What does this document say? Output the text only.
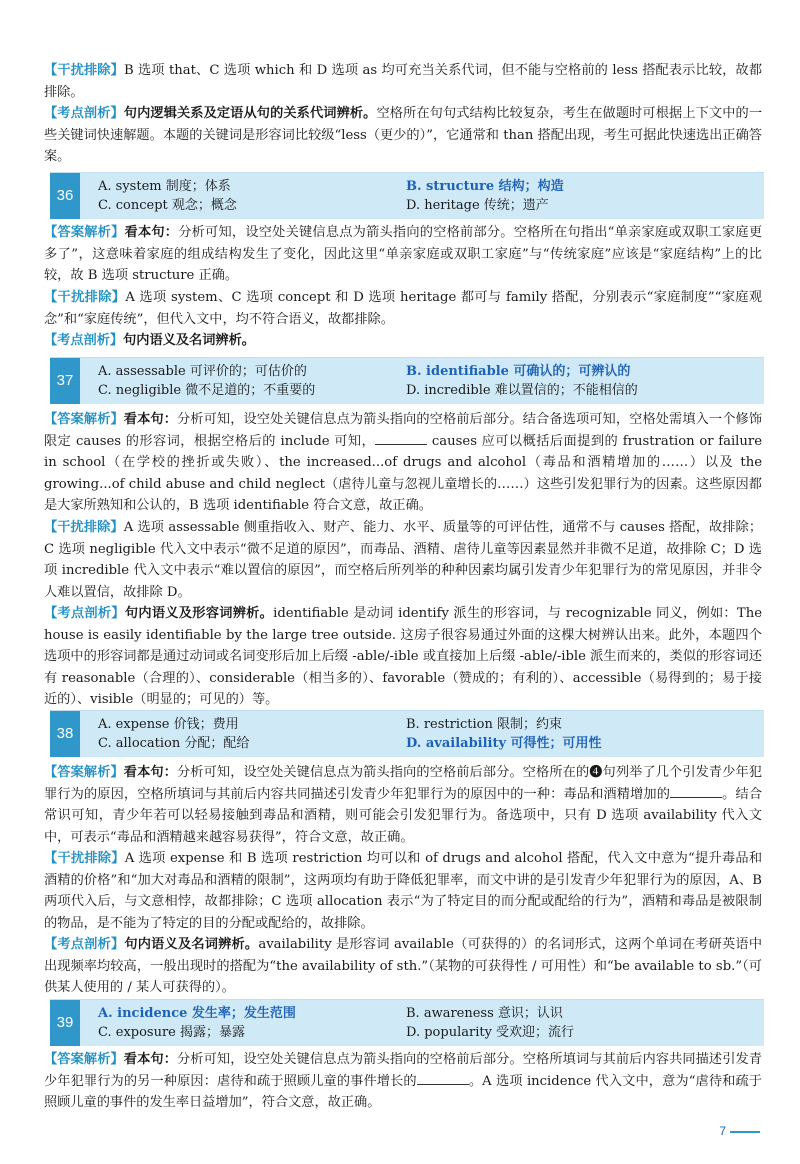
【干扰排除】B 选项 that、C 选项 which 和 D 选项 as 均可充当关系代词，但不能与空格前的 less 搭配表示比较，故都排除。
【考点剖析】句内逻辑关系及定语从句的关系代词辨析。空格所在句句式结构比较复杂，考生在做题时可根据上下文中的一些关键词快速解题。本题的关键词是形容词比较级“less（更少的）”，它通常和 than 搭配出现，考生可据此快速选出正确答案。
36
A. system 制度；体系	B. structure 结构；构造
C. concept 观念；概念	D. heritage 传统；遗产
【答案解析】看本句：分析可知，设空处关键信息点为箭头指向的空格前部分。空格所在句指出“单亲家庭或双职工家庭更多了”，这意味着家庭的组成结构发生了变化，因此这里“单亲家庭或双职工家庭”与“传统家庭”应该是“家庭结构”上的比较，故 B 选项 structure 正确。
【干扰排除】A 选项 system、C 选项 concept 和 D 选项 heritage 都可与 family 搭配，分别表示“家庭制度”“家庭观念”和“家庭传统”，但代入文中，均不符合语义，故都排除。
【考点剖析】句内语义及名词辨析。
37
A. assessable 可评价的；可估价的	B. identifiable 可确认的；可辨认的
C. negligible 微不足道的；不重要的	D. incredible 难以置信的；不能相信的
【答案解析】看本句：分析可知，设空处关键信息点为箭头指向的空格前后部分。结合备选项可知，空格处需填入一个修饰限定 causes 的形容词，根据空格后的 include 可知，	causes 应可以概括后面提到的 frustration or failure in school（在学校的挫折或失败）、the increased...of drugs and alcohol（毒品和酒精增加的……）以及 the growing...of child abuse and child neglect（虐待儿童与忽视儿童增长的……）这些引发犯罪行为的因素。这些原因都是大家所熟知和公认的，B 选项 identifiable 符合文意，故正确。
【干扰排除】A 选项 assessable 侧重指收入、财产、能力、水平、质量等的可评估性，通常不与 causes 搭配，故排除；C 选项 negligible 代入文中表示“微不足道的原因”，而毒品、酒精、虐待儿童等因素显然并非微不足道，故排除 C；D 选项 incredible 代入文中表示“难以置信的原因”，而空格后所列举的种种因素均属引发青少年犯罪行为的常见原因，并非令人难以置信，故排除 D。
【考点剖析】句内语义及形容词辨析。identifiable 是动词 identify 派生的形容词，与 recognizable 同义，例如：The house is easily identifiable by the large tree outside. 这房子很容易通过外面的这棵大树辨认出来。此外，本题四个选项中的形容词都是通过动词或名词变形后加上后缀 -able/-ible 或直接加上后缀 -able/-ible 派生而来的，类似的形容词还有 reasonable（合理的）、considerable（相当多的）、favorable（赞成的；有利的）、accessible（易得到的；易于接近的）、visible（明显的；可见的）等。
38
A. expense 价钱；费用	B. restriction 限制；约束
C. allocation 分配；配给	D. availability 可得性；可用性
【答案解析】看本句：分析可知，设空处关键信息点为箭头指向的空格前后部分。空格所在的❹句列举了几个引发青少年犯罪行为的原因，空格所填词与其前后内容共同描述引发青少年犯罪行为的原因中的一种：毒品和酒精增加的	。结合常识可知，青少年若可以轻易接触到毒品和酒精，则可能会引发犯罪行为。备选项中，只有 D 选项 availability 代入文中，可表示“毒品和酒精越来越容易获得”，符合文意，故正确。
【干扰排除】A 选项 expense 和 B 选项 restriction 均可以和 of drugs and alcohol 搭配，代入文中意为“提升毒品和酒精的价格”和“加大对毒品和酒精的限制”，这两项均有助于降低犯罪率，而文中讲的是引发青少年犯罪行为的原因，A、B 两项代入后，与文意相悖，故都排除；C 选项 allocation 表示“为了特定目的而分配或配给的行为”，酒精和毒品是被限制的物品，是不能为了特定的目的分配或配给的，故排除。
【考点剖析】句内语义及名词辨析。availability 是形容词 available（可获得的）的名词形式，这两个单词在考研英语中出现频率均较高，一般出现时的搭配为“the availability of sth.”（某物的可获得性 / 可用性）和“be available to sb.”（可供某人使用的 / 某人可获得的）。
39
A. incidence 发生率；发生范围	B. awareness 意识；认识
C. exposure 揭露；暴露	D. popularity 受欢迎；流行
【答案解析】看本句：分析可知，设空处关键信息点为箭头指向的空格前后部分。空格所填词与其前后内容共同描述引发青少年犯罪行为的另一种原因：虐待和疏于照顾儿童的事件增长的	。A 选项 incidence 代入文中，意为“虐待和疏于照顾儿童的事件的发生率日益增加”，符合文意，故正确。
7
